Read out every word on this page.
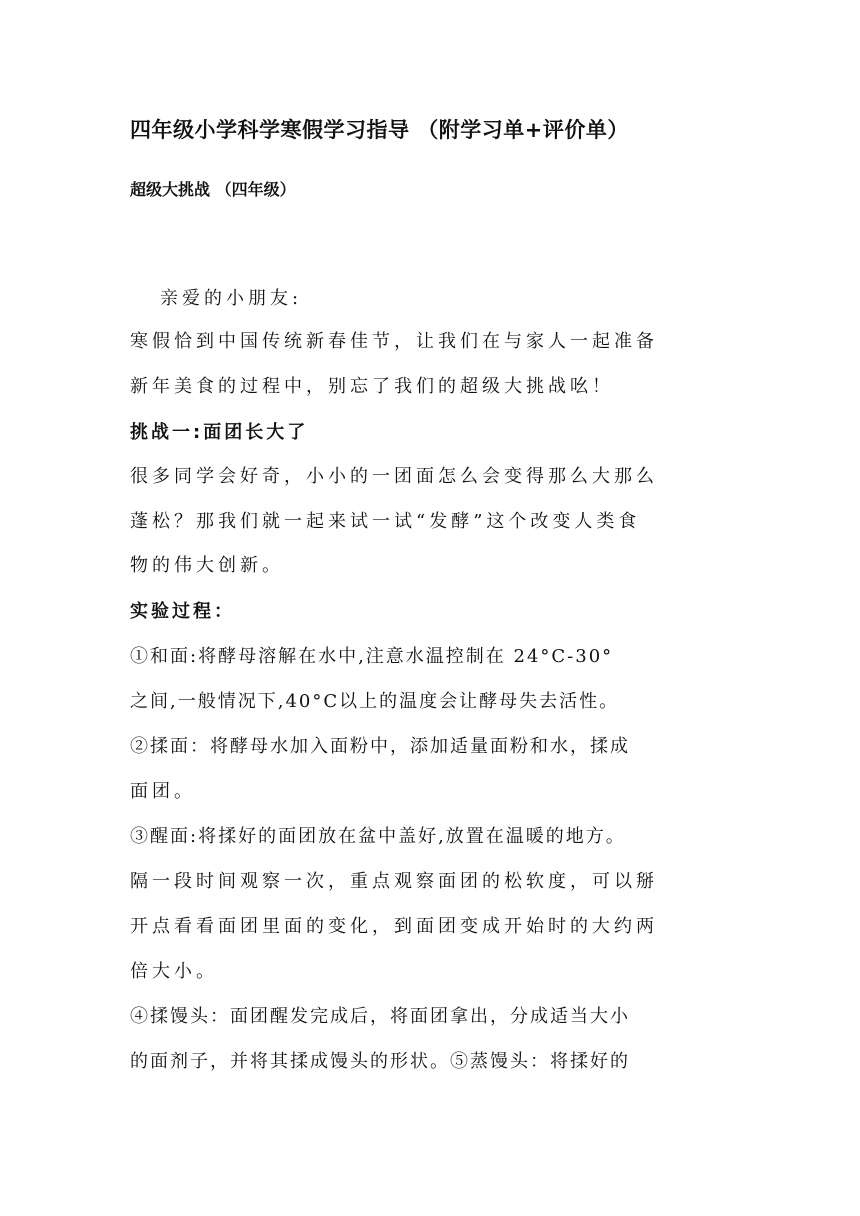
四年级小学科学寒假学习指导 （附学习单+评价单）
超级大挑战 （四年级）
亲爱的小朋友:
寒假恰到中国传统新春佳节，让我们在与家人一起准备
新年美食的过程中，别忘了我们的超级大挑战吆！
挑战一:面团长大了
很多同学会好奇，小小的一团面怎么会变得那么大那么
蓬松？那我们就一起来试一试“发酵”这个改变人类食
物的伟大创新。
实验过程：
①和面:将酵母溶解在水中,注意水温控制在 24°C-30°
之间,一般情况下,40°C以上的温度会让酵母失去活性。
②揉面：将酵母水加入面粉中，添加适量面粉和水，揉成
面团。
③醒面:将揉好的面团放在盆中盖好,放置在温暖的地方。
隔一段时间观察一次，重点观察面团的松软度，可以掰
开点看看面团里面的变化，到面团变成开始时的大约两
倍大小。
④揉馒头：面团醒发完成后，将面团拿出，分成适当大小
的面剂子，并将其揉成馒头的形状。⑤蒸馒头：将揉好的
